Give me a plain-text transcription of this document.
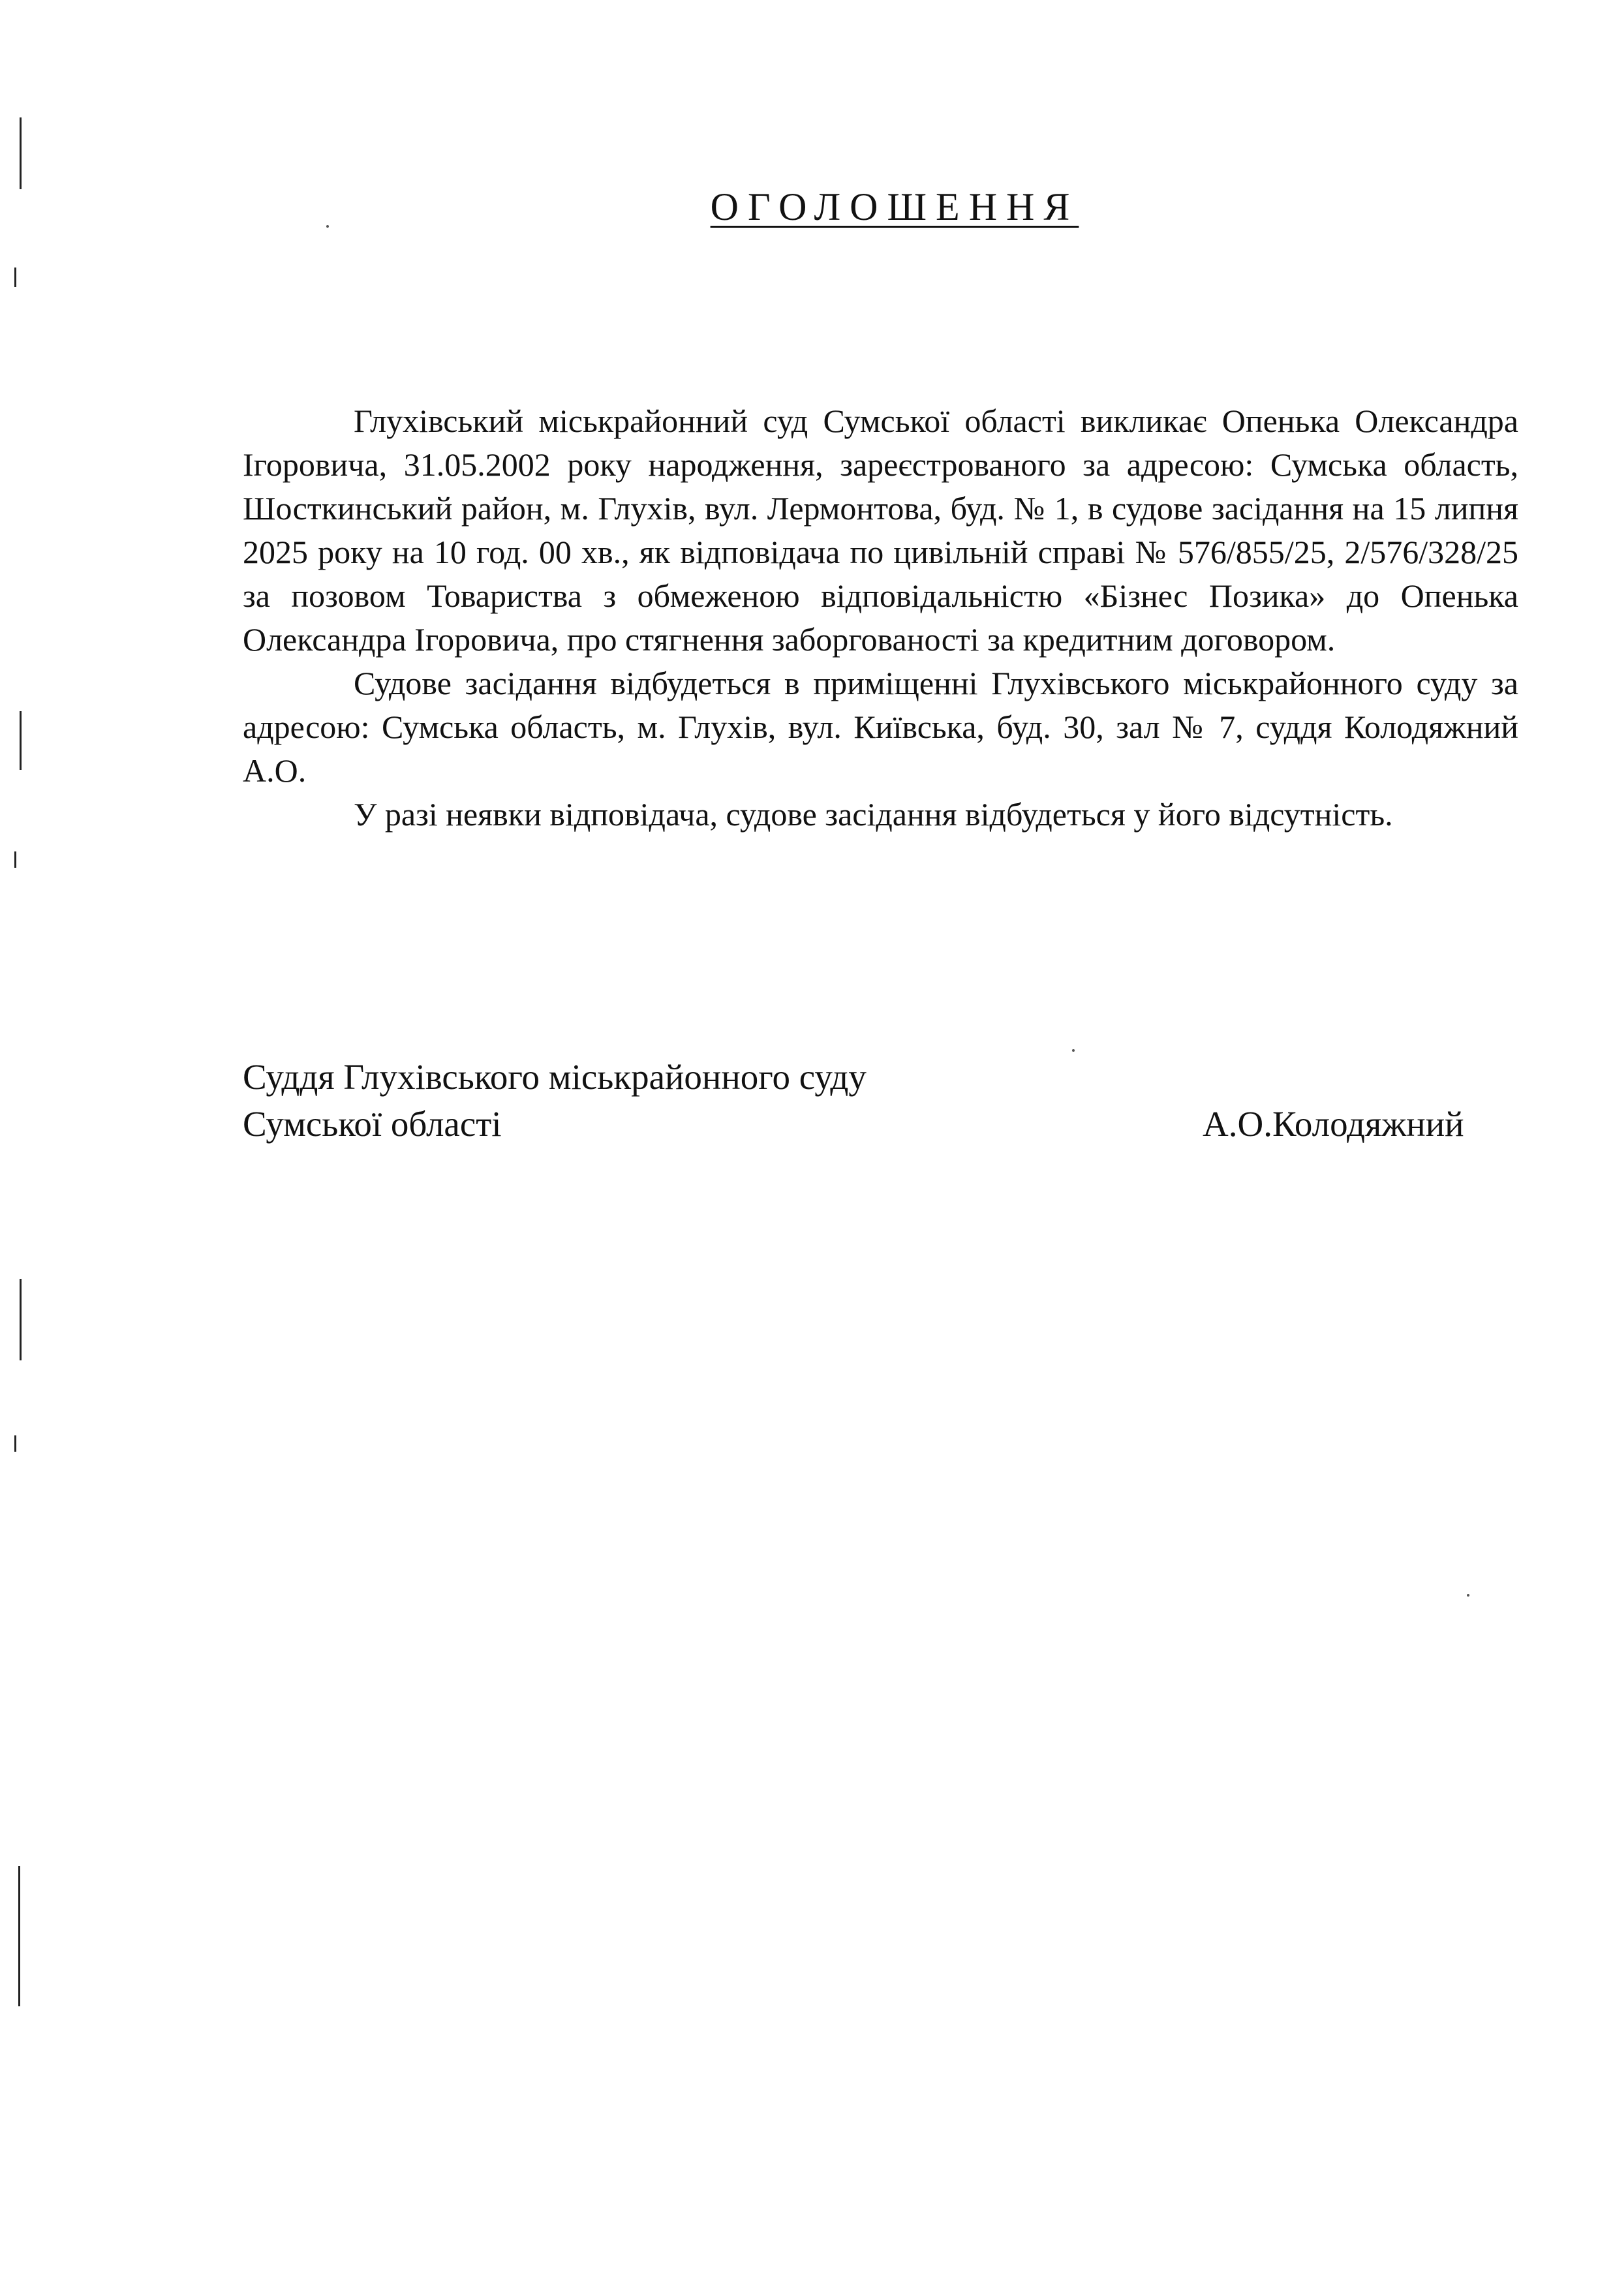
ОГОЛОШЕННЯ

Глухівський міськрайонний суд Сумської області викликає Опенька Олександра Ігоровича, 31.05.2002 року народження, зареєстрованого за адресою: Сумська область, Шосткинський район, м. Глухів, вул. Лермонтова, буд. № 1, в судове засідання на 15 липня 2025 року на 10 год. 00 хв., як відповідача по цивільній справі № 576/855/25, 2/576/328/25 за позовом Товариства з обмеженою відповідальністю «Бізнес Позика» до Опенька Олександра Ігоровича, про стягнення заборгованості за кредитним договором.

Судове засідання відбудеться в приміщенні Глухівського міськрайонного суду за адресою: Сумська область, м. Глухів, вул. Київська, буд. 30, зал № 7, суддя Колодяжний А.О.

У разі неявки відповідача, судове засідання відбудеться у його відсутність.

Суддя Глухівського міськрайонного суду
Сумської області	А.О.Колодяжний
